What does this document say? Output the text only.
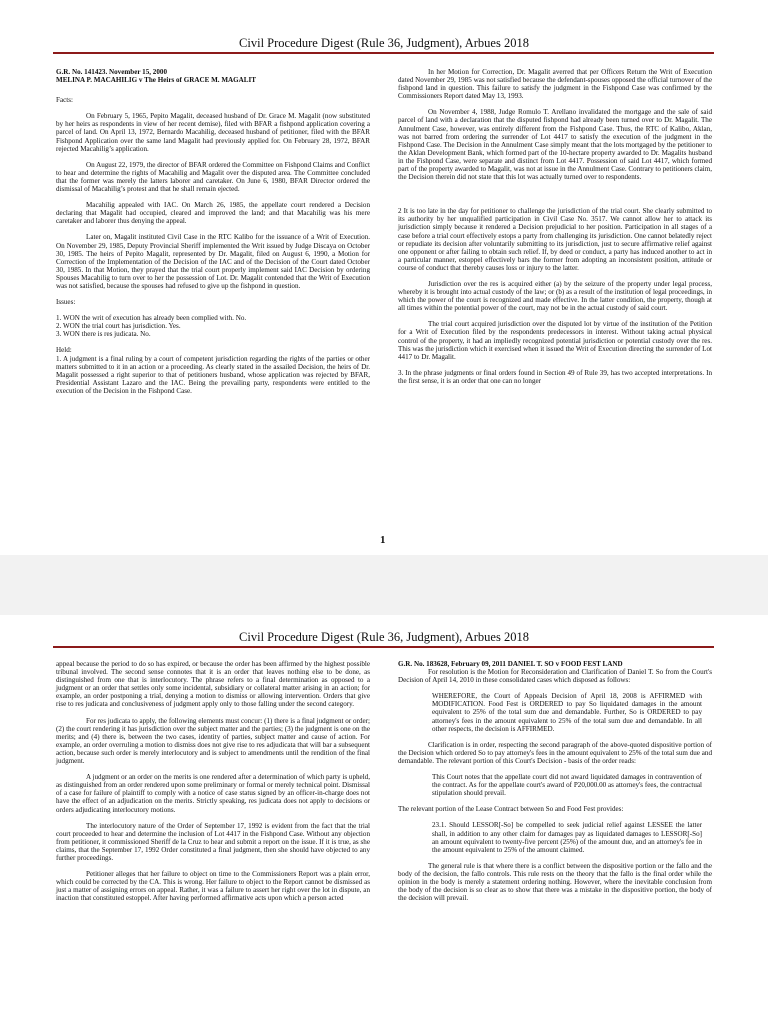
Civil Procedure Digest (Rule 36, Judgment), Arbues 2018
G.R. No. 141423. November 15, 2000

MELINA P. MACAHILIG v The Heirs of GRACE M. MAGALIT

Facts:

On February 5, 1965, Pepito Magalit, deceased husband of Dr. Grace M. Magalit (now substituted by her heirs as respondents in view of her recent demise), filed with BFAR a fishpond application covering a parcel of land. On April 13, 1972, Bernardo Macahilig, deceased husband of petitioner, filed with the BFAR Fishpond Application over the same land Magalit had previously applied for. On February 28, 1972, BFAR rejected Macahilig’s application.

On August 22, 1979, the director of BFAR ordered the Committee on Fishpond Claims and Conflict to hear and determine the rights of Macahilig and Magalit over the disputed area. The Committee concluded that the former was merely the latters laborer and caretaker. On June 6, 1980, BFAR Director ordered the dismissal of Macahilig’s protest and that he shall remain ejected.

Macahilig appealed with IAC. On March 26, 1985, the appellate court rendered a Decision declaring that Magalit had occupied, cleared and improved the land; and that Macahilig was his mere caretaker and laborer thus denying the appeal.

Later on, Magalit instituted Civil Case in the RTC Kalibo for the issuance of a Writ of Execution. On November 29, 1985, Deputy Provincial Sheriff implemented the Writ issued by Judge Discaya on October 30, 1985. The heirs of Pepito Magalit, represented by Dr. Magalit, filed on August 6, 1990, a Motion for Correction of the Implementation of the Decision of the IAC and of the Decision of the Court dated October 30, 1985. In that Motion, they prayed that the trial court properly implement said IAC Decision by ordering Spouses Macahilig to turn over to her the possession of Lot. Dr. Magalit contended that the Writ of Execution was not satisfied, because the spouses had refused to give up the fishpond in question.

Issues:

1. WON the writ of execution has already been complied with. No.
2. WON the trial court has jurisdiction. Yes.
3. WON there is res judicata. No.
Held:

1. A judgment is a final ruling by a court of competent jurisdiction regarding the rights of the parties or other matters submitted to it in an action or a proceeding. As clearly stated in the assailed Decision, the heirs of Dr. Magalit possessed a right superior to that of petitioners husband, whose application was rejected by BFAR, Presidential Assistant Lazaro and the IAC. Being the prevailing party, respondents were entitled to the execution of the Decision in the Fishpond Case.

In her Motion for Correction, Dr. Magalit averred that per Officers Return the Writ of Execution dated November 29, 1985 was not satisfied because the defendant-spouses opposed the official turnover of the fishpond land in question. This failure to satisfy the judgment in the Fishpond Case was confirmed by the Commissioners Report dated May 13, 1993.

On November 4, 1988, Judge Romulo T. Arellano invalidated the mortgage and the sale of said parcel of land with a declaration that the disputed fishpond had already been turned over to Dr. Magalit. The Annulment Case, however, was entirely different from the Fishpond Case. Thus, the RTC of Kalibo, Aklan, was not barred from ordering the surrender of Lot 4417 to satisfy the execution of the judgment in the Fishpond Case. The Decision in the Annulment Case simply meant that the lots mortgaged by the petitioner to the Aklan Development Bank, which formed part of the 10-hectare property awarded to Dr. Magalits husband in the Fishpond Case, were separate and distinct from Lot 4417. Possession of said Lot 4417, which formed part of the property awarded to Magalit, was not at issue in the Annulment Case. Contrary to petitioners claim, the Decision therein did not state that this lot was actually turned over to respondents.

2 It is too late in the day for petitioner to challenge the jurisdiction of the trial court. She clearly submitted to its authority by her unqualified participation in Civil Case No. 3517. We cannot allow her to attack its jurisdiction simply because it rendered a Decision prejudicial to her position. Participation in all stages of a case before a trial court effectively estops a party from challenging its jurisdiction. One cannot belatedly reject or repudiate its decision after voluntarily submitting to its jurisdiction, just to secure affirmative relief against one opponent or after failing to obtain such relief. If, by deed or conduct, a party has induced another to act in a particular manner, estoppel effectively bars the former from adopting an inconsistent position, attitude or course of conduct that thereby causes loss or injury to the latter.

Jurisdiction over the res is acquired either (a) by the seizure of the property under legal process, whereby it is brought into actual custody of the law; or (b) as a result of the institution of legal proceedings, in which the power of the court is recognized and made effective. In the latter condition, the property, though at all times within the potential power of the court, may not be in the actual custody of said court.

The trial court acquired jurisdiction over the disputed lot by virtue of the institution of the Petition for a Writ of Execution filed by the respondents predecessors in interest. Without taking actual physical control of the property, it had an impliedly recognized potential jurisdiction or potential custody over the res. This was the jurisdiction which it exercised when it issued the Writ of Execution directing the surrender of Lot 4417 to Dr. Magalit.

3. In the phrase judgments or final orders found in Section 49 of Rule 39, has two accepted interpretations. In the first sense, it is an order that one can no longer

1
Civil Procedure Digest (Rule 36, Judgment), Arbues 2018

appeal because the period to do so has expired, or because the order has been affirmed by the highest possible tribunal involved. The second sense connotes that it is an order that leaves nothing else to be done, as distinguished from one that is interlocutory. The phrase refers to a final determination as opposed to a judgment or an order that settles only some incidental, subsidiary or collateral matter arising in an action; for example, an order postponing a trial, denying a motion to dismiss or allowing intervention. Orders that give rise to res judicata and conclusiveness of judgment apply only to those falling under the second category.

For res judicata to apply, the following elements must concur: (1) there is a final judgment or order; (2) the court rendering it has jurisdiction over the subject matter and the parties; (3) the judgment is one on the merits; and (4) there is, between the two cases, identity of parties, subject matter and cause of action. For example, an order overruling a motion to dismiss does not give rise to res adjudicata that will bar a subsequent action, because such order is merely interlocutory and is subject to amendments until the rendition of the final judgment.

A judgment or an order on the merits is one rendered after a determination of which party is upheld, as distinguished from an order rendered upon some preliminary or formal or merely technical point. Dismissal of a case for failure of plaintiff to comply with a notice of case status signed by an officer-in-charge does not have the effect of an adjudication on the merits. Strictly speaking, res judicata does not apply to decisions or orders adjudicating interlocutory motions.

The interlocutory nature of the Order of September 17, 1992 is evident from the fact that the trial court proceeded to hear and determine the inclusion of Lot 4417 in the Fishpond Case. Without any objection from petitioner, it commissioned Sheriff de la Cruz to hear and submit a report on the issue. If it is true, as she claims, that the September 17, 1992 Order constituted a final judgment, then she should have objected to any further proceedings.

Petitioner alleges that her failure to object on time to the Commissioners Report was a plain error, which could be corrected by the CA. This is wrong. Her failure to object to the Report cannot be dismissed as just a matter of assigning errors on appeal. Rather, it was a failure to assert her right over the lot in dispute, an inaction that constituted estoppel. After having performed affirmative acts upon which a person acted

G.R. No. 183628, February 09, 2011 DANIEL T. SO v FOOD FEST LAND

For resolution is the Motion for Reconsideration and Clarification of Daniel T. So from the Court's Decision of April 14, 2010 in these consolidated cases which disposed as follows:

WHEREFORE, the Court of Appeals Decision of April 18, 2008 is AFFIRMED with MODIFICATION. Food Fest is ORDERED to pay So liquidated damages in the amount equivalent to 25% of the total sum due and demandable. Further, So is ORDERED to pay attorney's fees in the amount equivalent to 25% of the total sum due and demandable. In all other respects, the decision is AFFIRMED.

Clarification is in order, respecting the second paragraph of the above-quoted dispositive portion of the Decision which ordered So to pay attorney's fees in the amount equivalent to 25% of the total sum due and demandable. The relevant portion of this Court's Decision - basis of the order reads:

This Court notes that the appellate court did not award liquidated damages in contravention of the contract. As for the appellate court's award of P20,000.00 as attorney's fees, the contractual stipulation should prevail.

The relevant portion of the Lease Contract between So and Food Fest provides:

23.1. Should LESSOR[-So] be compelled to seek judicial relief against LESSEE the latter shall, in addition to any other claim for damages pay as liquidated damages to LESSOR[-So] an amount equivalent to twenty-five percent (25%) of the amount due, and an attorney's fee in the amount equivalent to 25% of the amount claimed.

The general rule is that where there is a conflict between the dispositive portion or the fallo and the body of the decision, the fallo controls. This rule rests on the theory that the fallo is the final order while the opinion in the body is merely a statement ordering nothing. However, where the inevitable conclusion from the body of the decision is so clear as to show that there was a mistake in the dispositive portion, the body of the decision will prevail.
